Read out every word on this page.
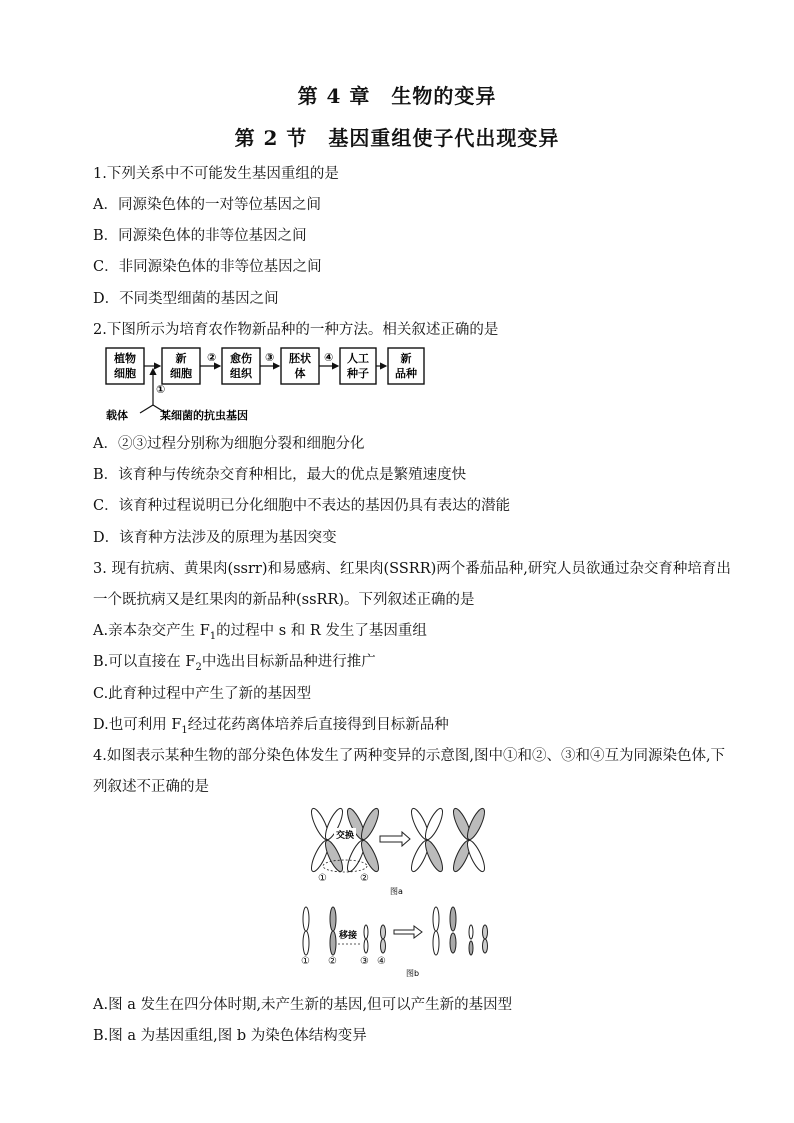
第 4 章　生物的变异
第 2 节　基因重组使子代出现变异
1.下列关系中不可能发生基因重组的是
A．同源染色体的一对等位基因之间
B．同源染色体的非等位基因之间
C．非同源染色体的非等位基因之间
D．不同类型细菌的基因之间
2.下图所示为培育农作物新品种的一种方法。相关叙述正确的是
植物
细胞
新
细胞
愈伤
组织
胚状
体
人工
种子
新
品种
②	③	④
①
载体	某细菌的抗虫基因
A．②③过程分别称为细胞分裂和细胞分化
B．该育种与传统杂交育种相比，最大的优点是繁殖速度快
C．该育种过程说明已分化细胞中不表达的基因仍具有表达的潜能
D．该育种方法涉及的原理为基因突变
3. 现有抗病、黄果肉(ssrr)和易感病、红果肉(SSRR)两个番茄品种,研究人员欲通过杂交育种培育出
一个既抗病又是红果肉的新品种(ssRR)。下列叙述正确的是
A.亲本杂交产生 $F_1$的过程中 s 和 R 发生了基因重组
B.可以直接在 $F_2$中选出目标新品种进行推广
C.此育种过程中产生了新的基因型
D.也可利用 $F_1$经过花药离体培养后直接得到目标新品种
4.如图表示某种生物的部分染色体发生了两种变异的示意图,图中①和②、③和④互为同源染色体,下
列叙述不正确的是
交换
①	②
图a
移接
① ② ③ ④
图b
A.图 a 发生在四分体时期,未产生新的基因,但可以产生新的基因型
B.图 a 为基因重组,图 b 为染色体结构变异
